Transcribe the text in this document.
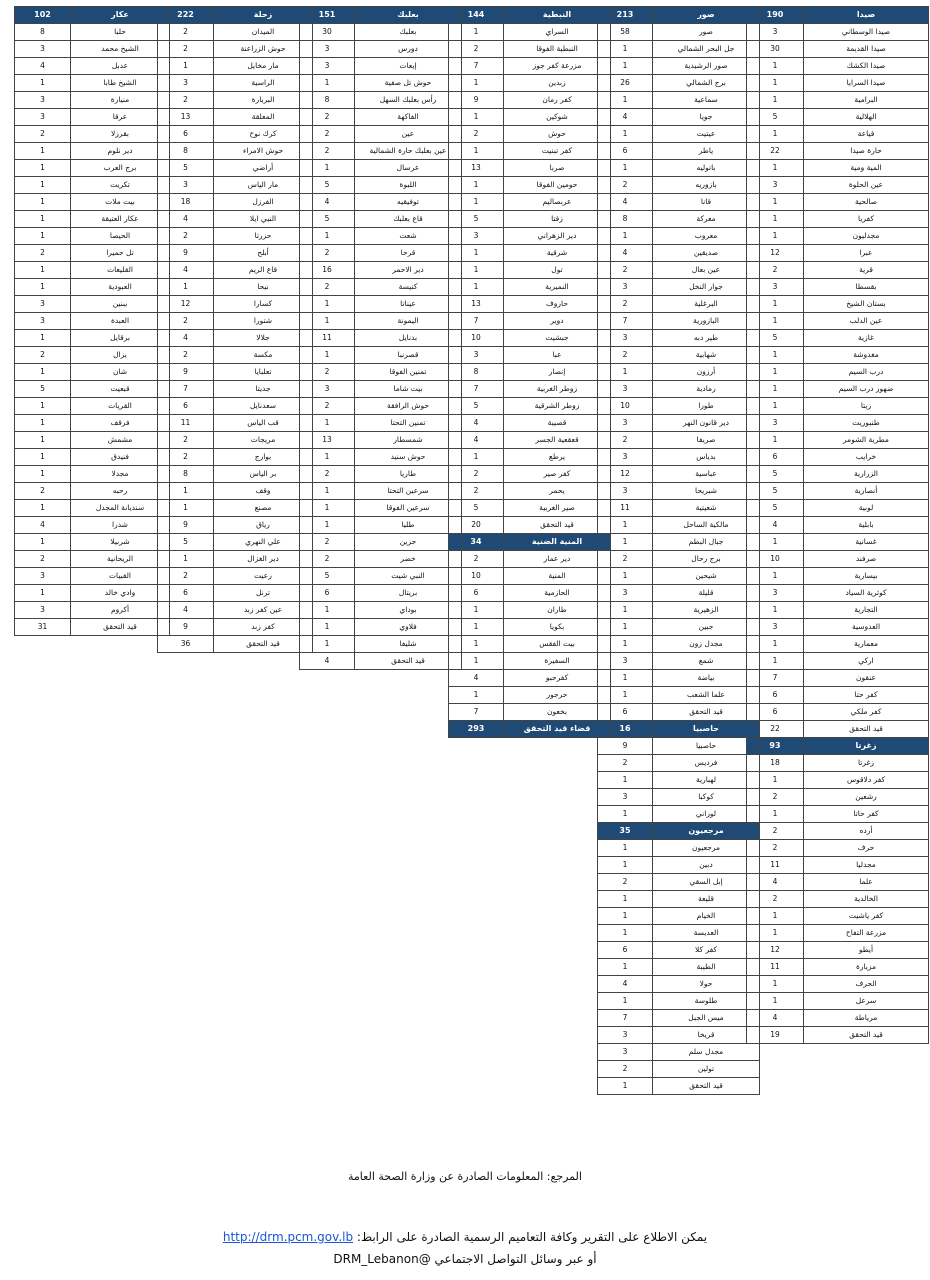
190	صيدا
3	صيدا الوسطاني
30	صيدا القديمة
1	صيدا الكشك
1	صيدا السرايا
1	البرامية
5	الهلالية
1	قياعة
22	حارة صيدا
1	المية ومية
3	عين الحلوة
1	صالحية
1	كفريا
1	مجدليون
12	عبرا
2	قرية
3	بقسطا
1	بستان الشيخ
1	عين الدلب
5	غازية
1	مغدوشة
1	درب السيم
1	ضهور درب السيم
1	زيتا
3	طنبوريت
1	مطرية الشومر
6	خرايب
5	الزرارية
5	أنصارية
5	لوبية
4	بابلية
1	غسانية
10	صرفند
1	بيسارية
3	كوثرية السياد
1	التجارية
3	العدوسية
1	معمارية
1	اركي
7	عنقون
6	كفر حتا
6	كفر ملكي
22	قيد التحقق
93	زغرتا
18	زغرتا
1	كفر دلاقوس
2	رشعين
1	كفر حاتا
2	أرده
2	حرف
11	مجدليا
4	علما
2	الخالدية
1	كفر ياشيت
1	مزرعة التفاح
12	أيطو
11	مزيارة
1	الحرف
1	سرعل
4	مرياطة
19	قيد التحقق
213	صور
58	صور
1	جل البحر الشمالي
1	صور الرشيدية
26	برج الشمالي
1	سماعية
4	جويا
1	عيتيت
6	ياطر
1	باتوليه
2	بازوريه
4	قانا
8	معركة
1	معروب
4	صديقين
2	عين بعال
3	جوار النخل
2	البرغلية
7	البازورية
3	طير دبه
2	شهابية
1	أرزون
3	رمادية
10	طورا
3	دير قانون النهر
2	صريفا
3	بدياس
12	عباسية
3	شبريحا
11	شعيتية
1	مالكية الساحل
1	جبال البطم
2	برج رحال
1	شيحين
3	قليلة
1	الزهيرية
1	جبين
1	مجدل زون
3	شمع
1	بياضة
1	علما الشعب
6	قيد التحقق
16	حاصبيا
9	حاصبيا
2	فرديس
1	لهبارية
3	كوكبا
1	لوزاني
35	مرجعيون
1	مرجعيون
1	دبين
2	إبل السقي
1	قليعة
1	الخيام
1	العديسة
6	كفر كلا
1	الطيبة
4	حولا
1	طلوسة
7	ميس الجبل
3	قريخا
3	مجدل سلم
2	تولين
1	قيد التحقق
144	النبطية
1	السراي
2	النبطية الفوقا
7	مزرعة كفر جوز
1	زبدين
9	كفر رمان
1	شوكين
2	حوش
1	كفر تبنيت
13	صربا
1	حومين الفوقا
1	عربصاليم
5	زفتا
3	دير الزهراني
1	شرقية
1	تول
1	النميرية
13	حاروف
7	دوير
10	جبشيت
3	عبا
8	إنصار
7	زوطر الغربية
5	زوطر الشرقية
4	قصيبة
4	قعقعية الجسر
1	يرطع
2	كفر صير
2	يحمر
5	صير الغربية
20	قيد التحقق
34	المنية الضنية
2	دير عمار
10	المنية
6	الحازمية
1	طاران
1	بكويا
1	بيت الفقس
1	السفيرة
4	كفرحبو
1	حرجور
7	بخعون
293	قضاء قيد التحقق
151	بعلبك
30	بعلبك
3	دورس
3	إيعات
1	حوش تل صفية
8	رأس بعلبك السهل
2	الفاكهة
2	عين
2	عين بعلبك حارة الشمالية
1	عرسال
5	اللبوة
4	توفيقيه
5	قاع بعلبك
1	شعت
2	قرحا
16	دير الاحمر
2	كنيسة
1	عيناتا
1	اليمونة
11	بدنايل
1	قصرنبا
2	تمنين الفوقا
3	بيت شاما
2	حوش الرافقة
1	تمنين التحتا
13	شمسطار
1	حوش سنيد
2	طاريا
1	سرعين التحتا
1	سرعين الفوقا
1	طليا
2	حزين
2	خضر
5	النبي شيت
6	بريتال
1	بوداي
1	فلاوي
1	شليفا
4	قيد التحقق
222	زحلة
2	الميدان
2	حوش الزراعنة
1	مار مخايل
3	الراسية
2	البربارة
13	المعلقة
6	كرك نوح
8	حوش الامراء
5	أراضي
3	مار الياس
18	الفرزل
4	النبي ايلا
2	حزرتا
9	أبلح
4	قاع الريم
1	نيحا
12	كسارا
2	شتورا
4	جلالا
2	مكسة
9	تعلبايا
7	جديتا
6	سعدنايل
11	قب الياس
2	مريجات
2	بوارج
8	بر الياس
1	وقف
1	مصنع
9	رياق
5	علي النهري
1	دير الغزال
2	رعيت
6	ترنل
4	عين كفر زبد
9	كفر زبد
36	قيد التحقق
102	عكار
8	حلبا
3	الشيخ محمد
4	عدبل
1	الشيخ طابا
3	منيارة
3	عرقا
2	بقرزلا
1	دير نلوم
1	برج العرب
1	تكريت
1	بيت ملات
1	عكار العتيقة
1	الحيصا
2	تل حميرا
1	القليعات
1	العبودية
3	ببنين
3	العبدة
1	برقايل
2	بزال
1	شان
5	قبعيت
1	القريات
1	فرقف
1	مشمش
1	فنيدق
1	مجدلا
2	رحبه
1	سنديانة المجدل
4	شدرا
1	شربيلا
2	الريحانية
3	القبيات
1	وادي خالد
3	أكروم
31	قيد التحقق
المرجع: المعلومات الصادرة عن وزارة الصحة العامة
يمكن الاطلاع على التقرير وكافة التعاميم الرسمية الصادرة على الرابط: http://drm.pcm.gov.lb
أو عبر وسائل التواصل الاجتماعي @DRM_Lebanon
